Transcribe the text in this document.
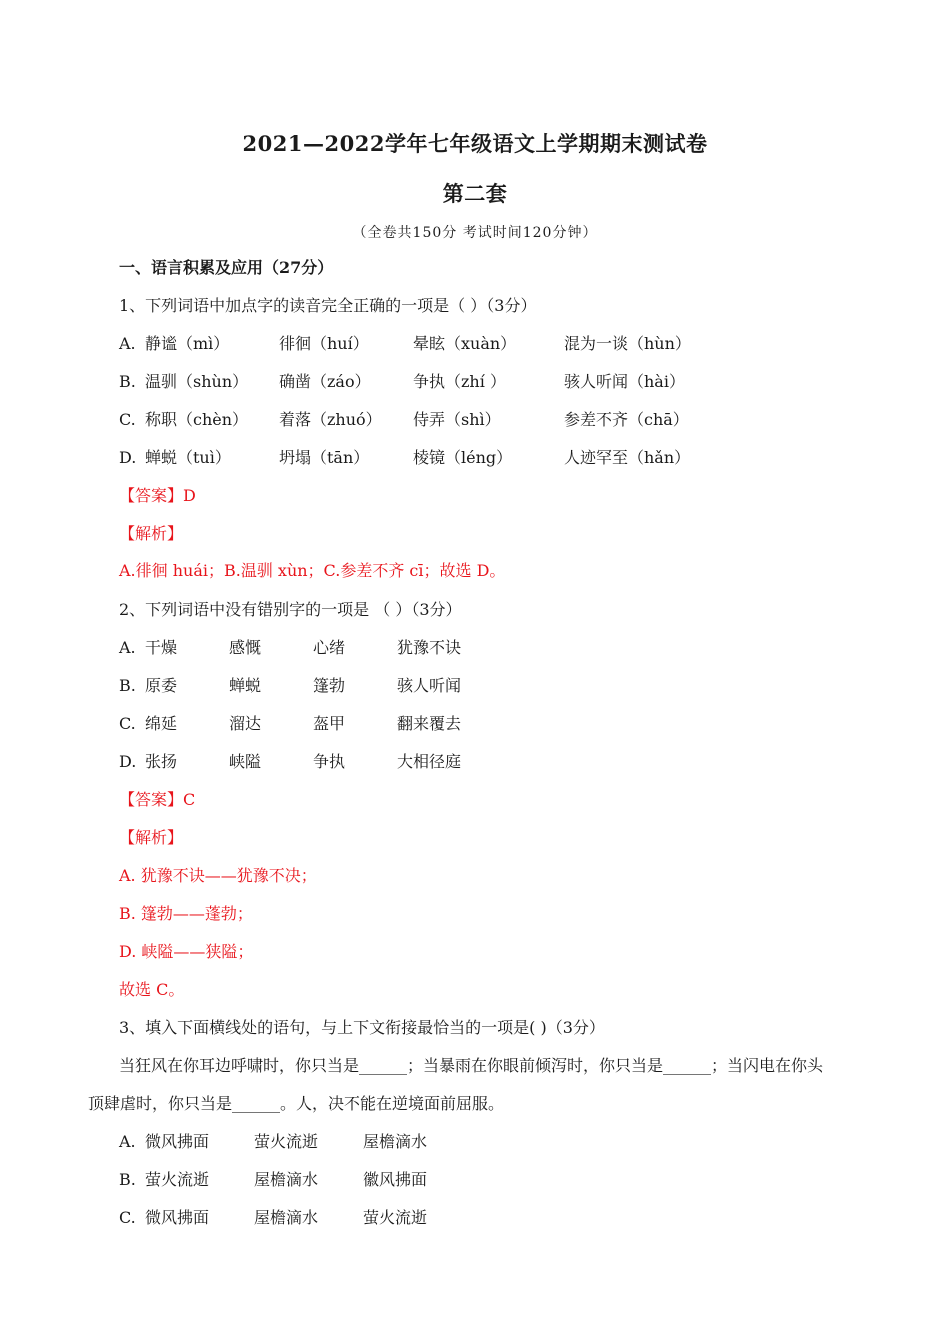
2021—2022学年七年级语文上学期期末测试卷
第二套
（全卷共150分 考试时间120分钟）
一、语言积累及应用（27分）
1、下列词语中加点字的读音完全正确的一项是（ ）（3分）
A. 静谧（mì）	徘徊（huí）	晕眩（xuàn）	混为一谈（hùn）
B. 温驯（shùn） 确凿（záo）	争执（zhí ）	骇人听闻（hài）
C. 称职（chèn） 着落（zhuó） 侍弄（shì）	参差不齐（chā）
D. 蝉蜕（tuì）	坍塌（tān）	棱镜（léng）	人迹罕至（hǎn）
【答案】D
【解析】
A.徘徊 huái；B.温驯 xùn；C.参差不齐 cī；故选 D。
2、下列词语中没有错别字的一项是 （ ）（3分）
A. 干燥	感慨	心绪	犹豫不诀
B. 原委	蝉蜕	篷勃	骇人听闻
C. 绵延	溜达	盔甲	翻来覆去
D. 张扬	峡隘	争执	大相径庭
【答案】C
【解析】
A. 犹豫不诀——犹豫不决；
B. 篷勃——蓬勃；
D. 峡隘——狭隘；
故选 C。
3、填入下面横线处的语句，与上下文衔接最恰当的一项是( )（3分）
当狂风在你耳边呼啸时，你只当是______；当暴雨在你眼前倾泻时，你只当是______；当闪电在你头
顶肆虐时，你只当是______。人，决不能在逆境面前屈服。
A. 微风拂面	萤火流逝	屋檐滴水
B. 萤火流逝	屋檐滴水	徽风拂面
C. 微风拂面	屋檐滴水	萤火流逝
